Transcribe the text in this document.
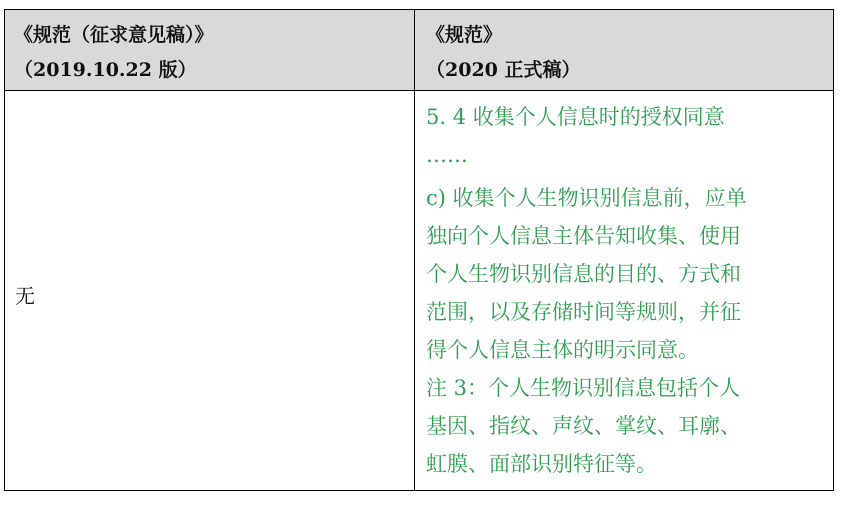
《规范（征求意见稿）》
（2019.10.22 版）
《规范》
（2020 正式稿）
无
5. 4 收集个人信息时的授权同意
……
c) 收集个人生物识别信息前，应单
独向个人信息主体告知收集、使用
个人生物识别信息的目的、方式和
范围，以及存储时间等规则，并征
得个人信息主体的明示同意。
注 3：个人生物识别信息包括个人
基因、指纹、声纹、掌纹、耳廓、
虹膜、面部识别特征等。
